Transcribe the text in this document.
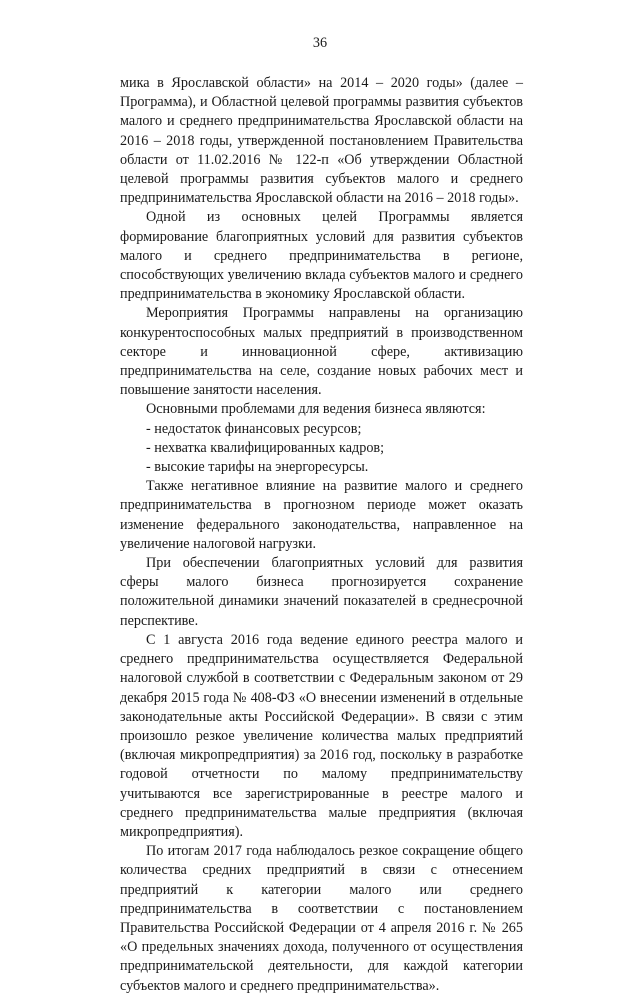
36

мика в Ярославской области» на 2014 – 2020 годы» (далее – Программа), и Областной целевой программы развития субъектов малого и среднего предпринимательства Ярославской области на 2016 – 2018 годы, утвержденной постановлением Правительства области от 11.02.2016 № 122-п «Об утверждении Областной целевой программы развития субъектов малого и среднего предпринимательства Ярославской области на 2016 – 2018 годы».

Одной из основных целей Программы является формирование благоприятных условий для развития субъектов малого и среднего предпринимательства в регионе, способствующих увеличению вклада субъектов малого и среднего предпринимательства в экономику Ярославской области.

Мероприятия Программы направлены на организацию конкурентоспособных малых предприятий в производственном секторе и инновационной сфере, активизацию предпринимательства на селе, создание новых рабочих мест и повышение занятости населения.

Основными проблемами для ведения бизнеса являются:

- недостаток финансовых ресурсов;
- нехватка квалифицированных кадров;
- высокие тарифы на энергоресурсы.

Также негативное влияние на развитие малого и среднего предпринимательства в прогнозном периоде может оказать изменение федерального законодательства, направленное на увеличение налоговой нагрузки.

При обеспечении благоприятных условий для развития сферы малого бизнеса прогнозируется сохранение положительной динамики значений показателей в среднесрочной перспективе.

С 1 августа 2016 года ведение единого реестра малого и среднего предпринимательства осуществляется Федеральной налоговой службой в соответствии с Федеральным законом от 29 декабря 2015 года № 408-ФЗ «О внесении изменений в отдельные законодательные акты Российской Федерации». В связи с этим произошло резкое увеличение количества малых предприятий (включая микропредприятия) за 2016 год, поскольку в разработке годовой отчетности по малому предпринимательству учитываются все зарегистрированные в реестре малого и среднего предпринимательства малые предприятия (включая микропредприятия).

По итогам 2017 года наблюдалось резкое сокращение общего количества средних предприятий в связи с отнесением предприятий к категории малого или среднего предпринимательства в соответствии с постановлением Правительства Российской Федерации от 4 апреля 2016 г. № 265 «О предельных значениях дохода, полученного от осуществления предпринимательской деятельности, для каждой категории субъектов малого и среднего предпринимательства».
